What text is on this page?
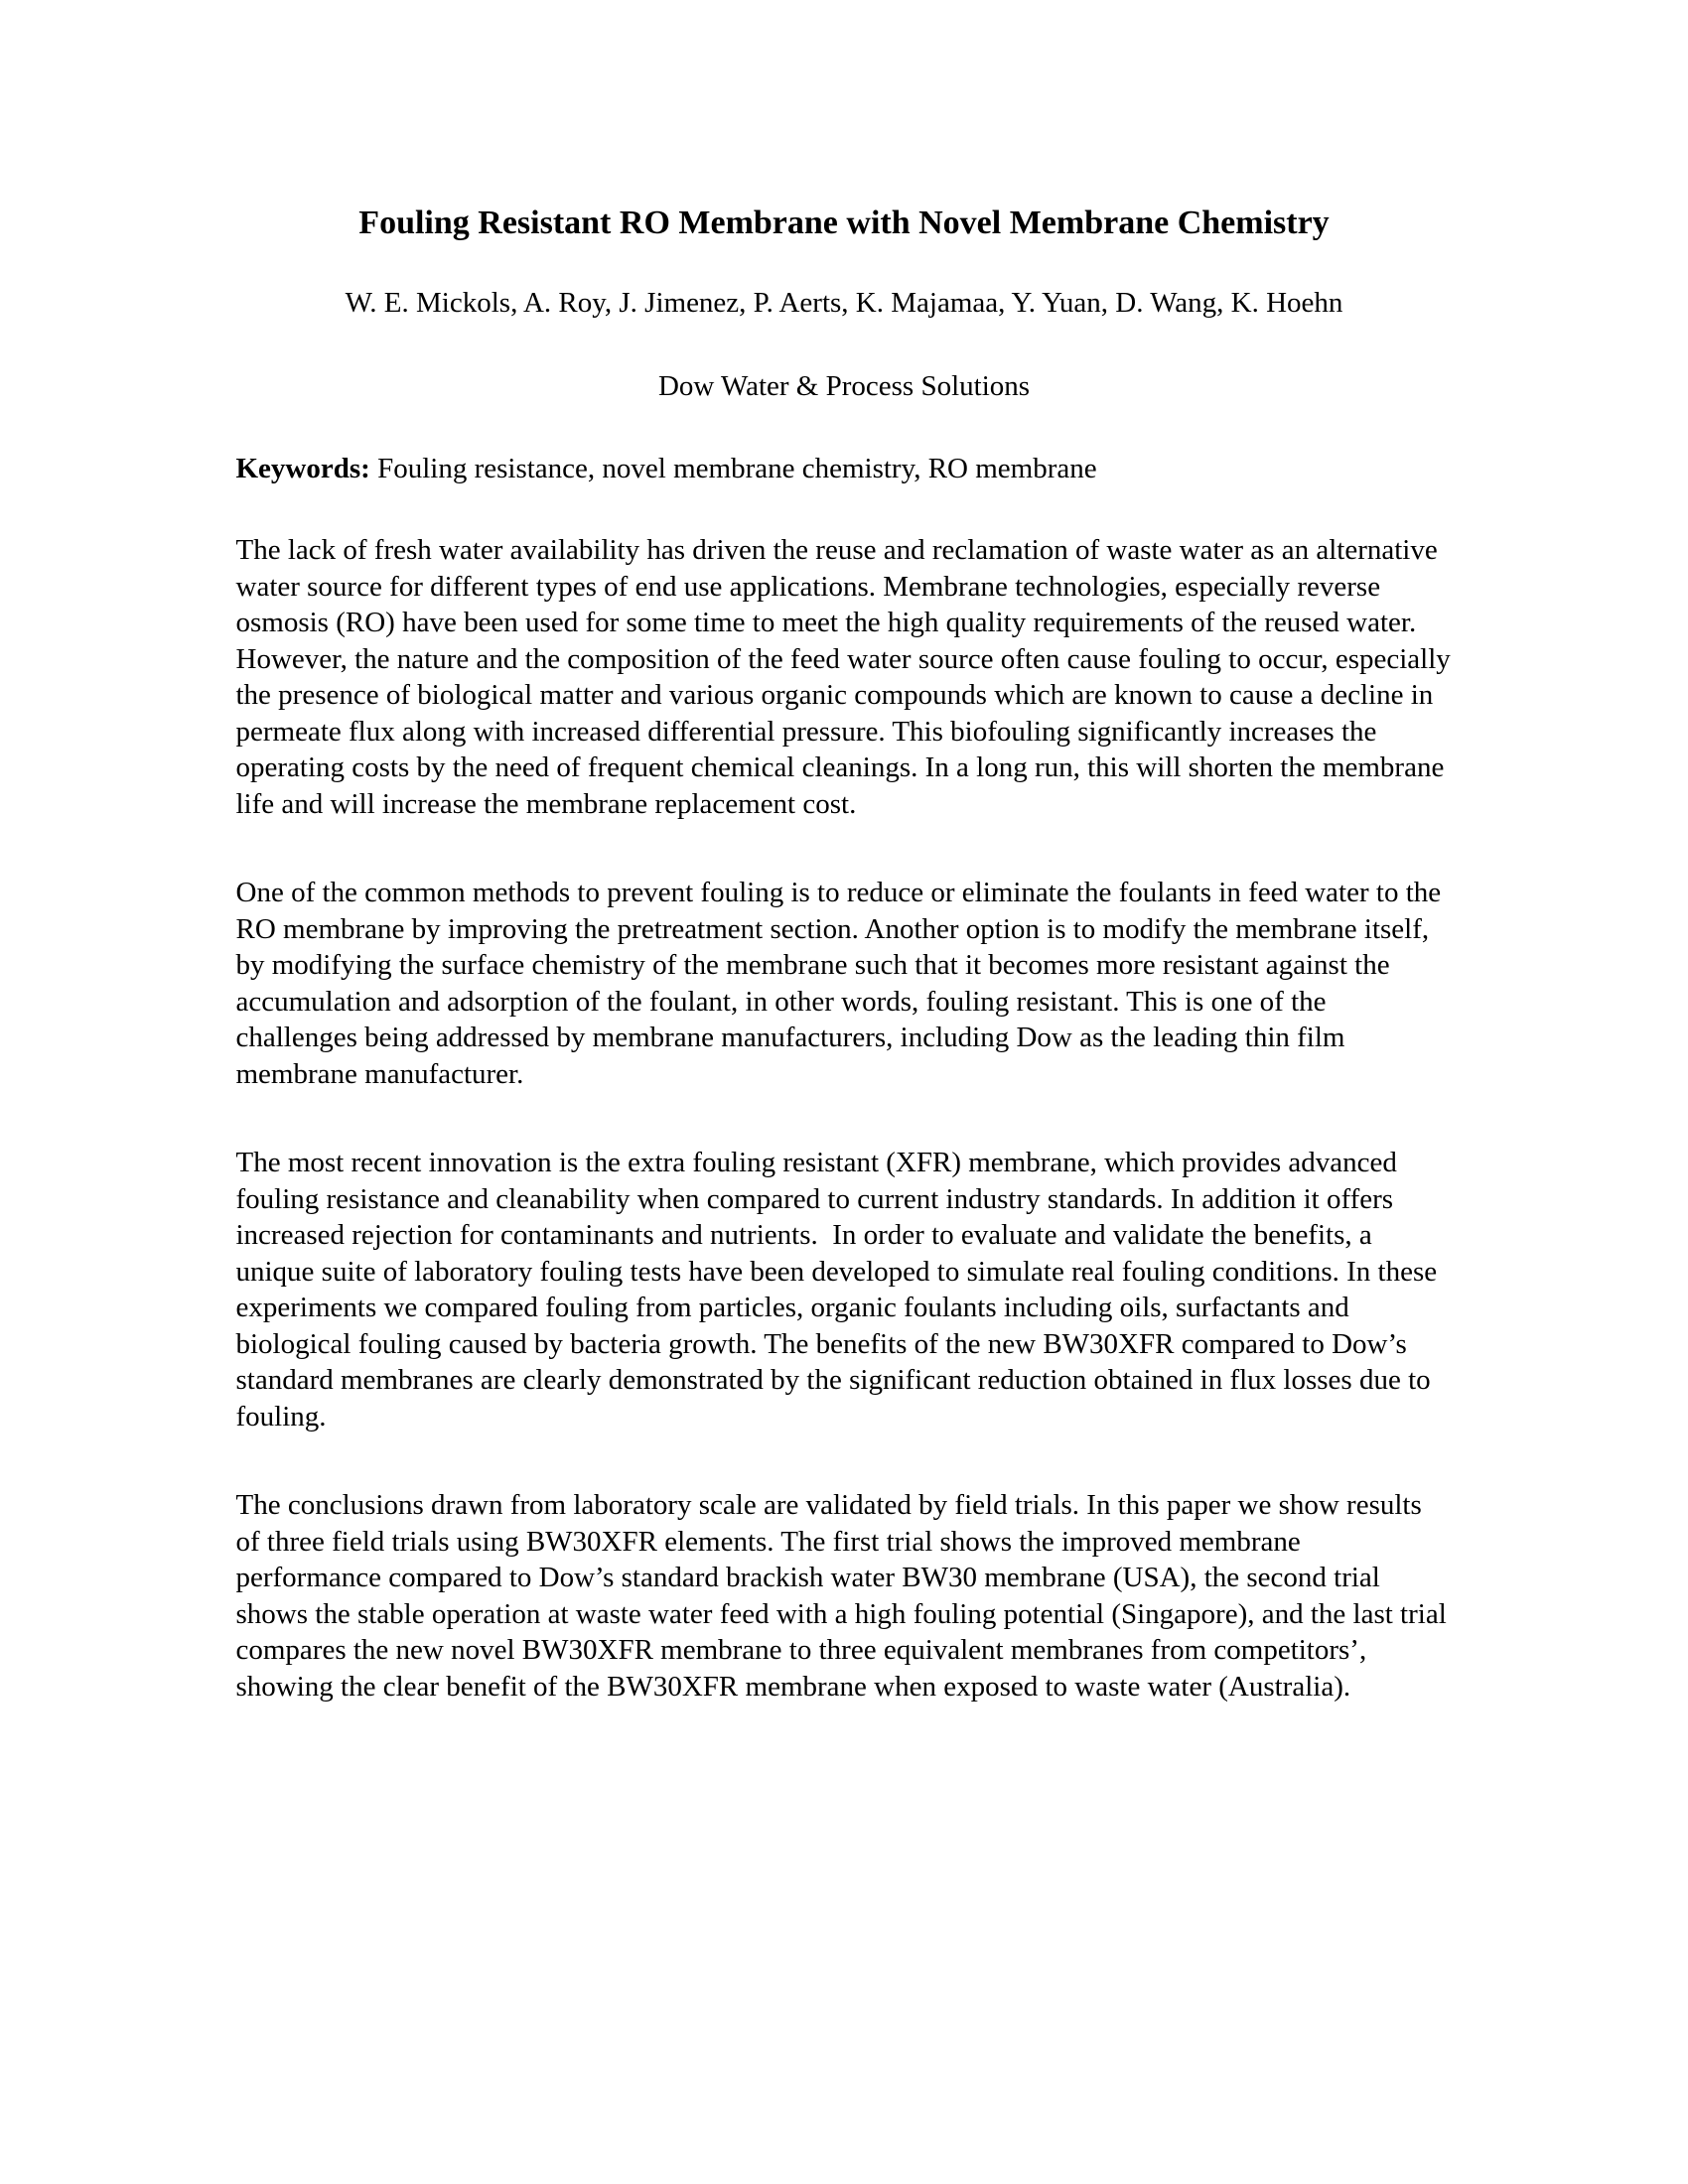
Fouling Resistant RO Membrane with Novel Membrane Chemistry

W. E. Mickols, A. Roy, J. Jimenez, P. Aerts, K. Majamaa, Y. Yuan, D. Wang, K. Hoehn

Dow Water & Process Solutions

Keywords: Fouling resistance, novel membrane chemistry, RO membrane

The lack of fresh water availability has driven the reuse and reclamation of waste water as an alternative water source for different types of end use applications. Membrane technologies, especially reverse osmosis (RO) have been used for some time to meet the high quality requirements of the reused water. However, the nature and the composition of the feed water source often cause fouling to occur, especially the presence of biological matter and various organic compounds which are known to cause a decline in permeate flux along with increased differential pressure. This biofouling significantly increases the operating costs by the need of frequent chemical cleanings. In a long run, this will shorten the membrane life and will increase the membrane replacement cost.

One of the common methods to prevent fouling is to reduce or eliminate the foulants in feed water to the RO membrane by improving the pretreatment section. Another option is to modify the membrane itself, by modifying the surface chemistry of the membrane such that it becomes more resistant against the accumulation and adsorption of the foulant, in other words, fouling resistant. This is one of the challenges being addressed by membrane manufacturers, including Dow as the leading thin film membrane manufacturer.

The most recent innovation is the extra fouling resistant (XFR) membrane, which provides advanced fouling resistance and cleanability when compared to current industry standards. In addition it offers increased rejection for contaminants and nutrients.  In order to evaluate and validate the benefits, a unique suite of laboratory fouling tests have been developed to simulate real fouling conditions. In these experiments we compared fouling from particles, organic foulants including oils, surfactants and biological fouling caused by bacteria growth. The benefits of the new BW30XFR compared to Dow’s standard membranes are clearly demonstrated by the significant reduction obtained in flux losses due to fouling.

The conclusions drawn from laboratory scale are validated by field trials. In this paper we show results of three field trials using BW30XFR elements. The first trial shows the improved membrane performance compared to Dow’s standard brackish water BW30 membrane (USA), the second trial shows the stable operation at waste water feed with a high fouling potential (Singapore), and the last trial compares the new novel BW30XFR membrane to three equivalent membranes from competitors’, showing the clear benefit of the BW30XFR membrane when exposed to waste water (Australia).
